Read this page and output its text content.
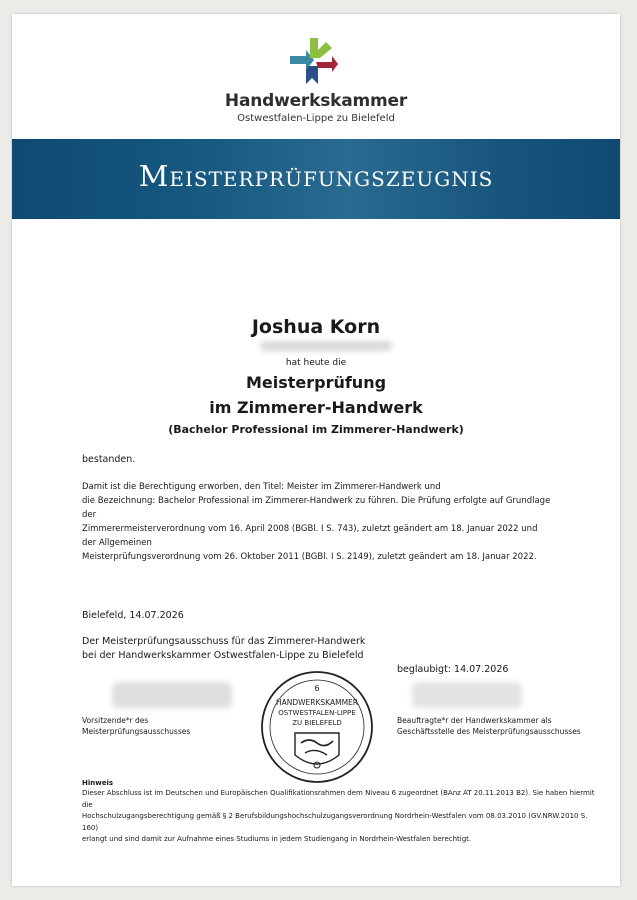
Handwerkskammer
Ostwestfalen-Lippe zu Bielefeld
Meisterprüfungszeugnis
Joshua Korn
hat heute die
Meisterprüfung
im Zimmerer-Handwerk
(Bachelor Professional im Zimmerer-Handwerk)
bestanden.
Damit ist die Berechtigung erworben, den Titel: Meister im Zimmerer-Handwerk und
die Bezeichnung: Bachelor Professional im Zimmerer-Handwerk zu führen. Die Prüfung erfolgte auf Grundlage der
Zimmerermeisterverordnung vom 16. April 2008 (BGBl. I S. 743), zuletzt geändert am 18. Januar 2022 und der Allgemeinen
Meisterprüfungsverordnung vom 26. Oktober 2011 (BGBl. I S. 2149), zuletzt geändert am 18. Januar 2022.
Bielefeld, 14.07.2026
Der Meisterprüfungsausschuss für das Zimmerer-Handwerk
bei der Handwerkskammer Ostwestfalen-Lippe zu Bielefeld
beglaubigt: 14.07.2026
6
HANDWERKSKAMMER
OSTWESTFALEN-LIPPE
ZU BIELEFELD
Vorsitzende*r des
Meisterprüfungsausschusses
Beauftragte*r der Handwerkskammer als
Geschäftsstelle des Meisterprüfungsausschusses
Hinweis
Dieser Abschluss ist im Deutschen und Europäischen Qualifikationsrahmen dem Niveau 6 zugeordnet (BAnz AT 20.11.2013 B2). Sie haben hiermit die
Hochschulzugangsberechtigung gemäß § 2 Berufsbildungshochschulzugangsverordnung Nordrhein-Westfalen vom 08.03.2010 (GV.NRW.2010 S. 160)
erlangt und sind damit zur Aufnahme eines Studiums in jedem Studiengang in Nordrhein-Westfalen berechtigt.
